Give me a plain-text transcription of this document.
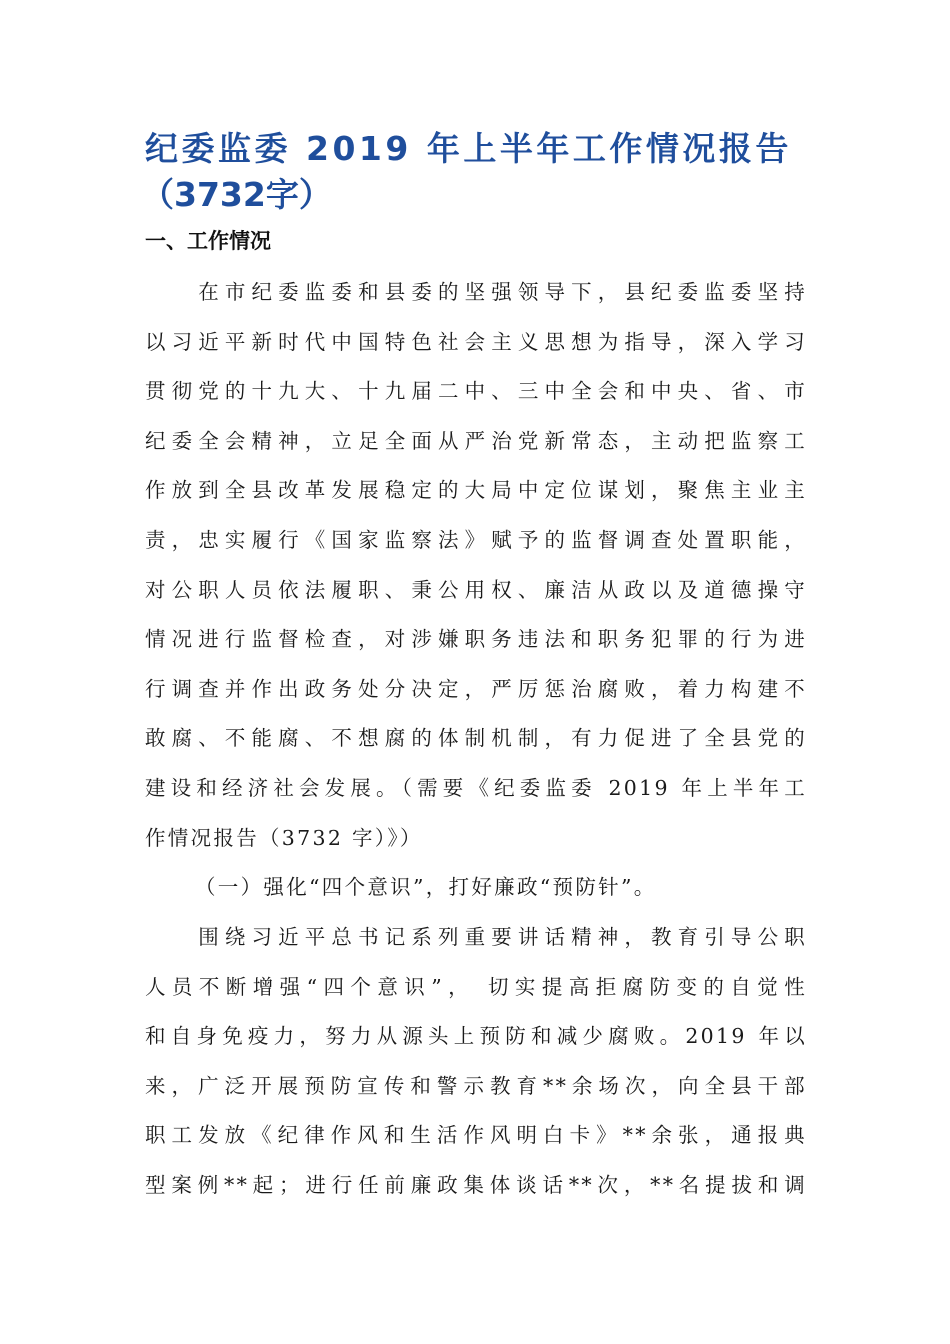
纪委监委 2019 年上半年工作情况报告
（3732字）
一、工作情况
　　在市纪委监委和县委的坚强领导下，县纪委监委坚持
以习近平新时代中国特色社会主义思想为指导，深入学习
贯彻党的十九大、十九届二中、三中全会和中央、省、市
纪委全会精神，立足全面从严治党新常态，主动把监察工
作放到全县改革发展稳定的大局中定位谋划，聚焦主业主
责，忠实履行《国家监察法》赋予的监督调查处置职能，
对公职人员依法履职、秉公用权、廉洁从政以及道德操守
情况进行监督检查，对涉嫌职务违法和职务犯罪的行为进
行调查并作出政务处分决定，严厉惩治腐败，着力构建不
敢腐、不能腐、不想腐的体制机制，有力促进了全县党的
建设和经济社会发展。（需要《纪委监委 2019 年上半年工
作情况报告（3732 字）》）
（一）强化“四个意识”，打好廉政“预防针”。
　　围绕习近平总书记系列重要讲话精神，教育引导公职
人员不断增强“四个意识”， 切实提高拒腐防变的自觉性
和自身免疫力，努力从源头上预防和减少腐败。2019 年以
来，广泛开展预防宣传和警示教育**余场次，向全县干部
职工发放《纪律作风和生活作风明白卡》**余张，通报典
型案例**起；进行任前廉政集体谈话**次，**名提拔和调
